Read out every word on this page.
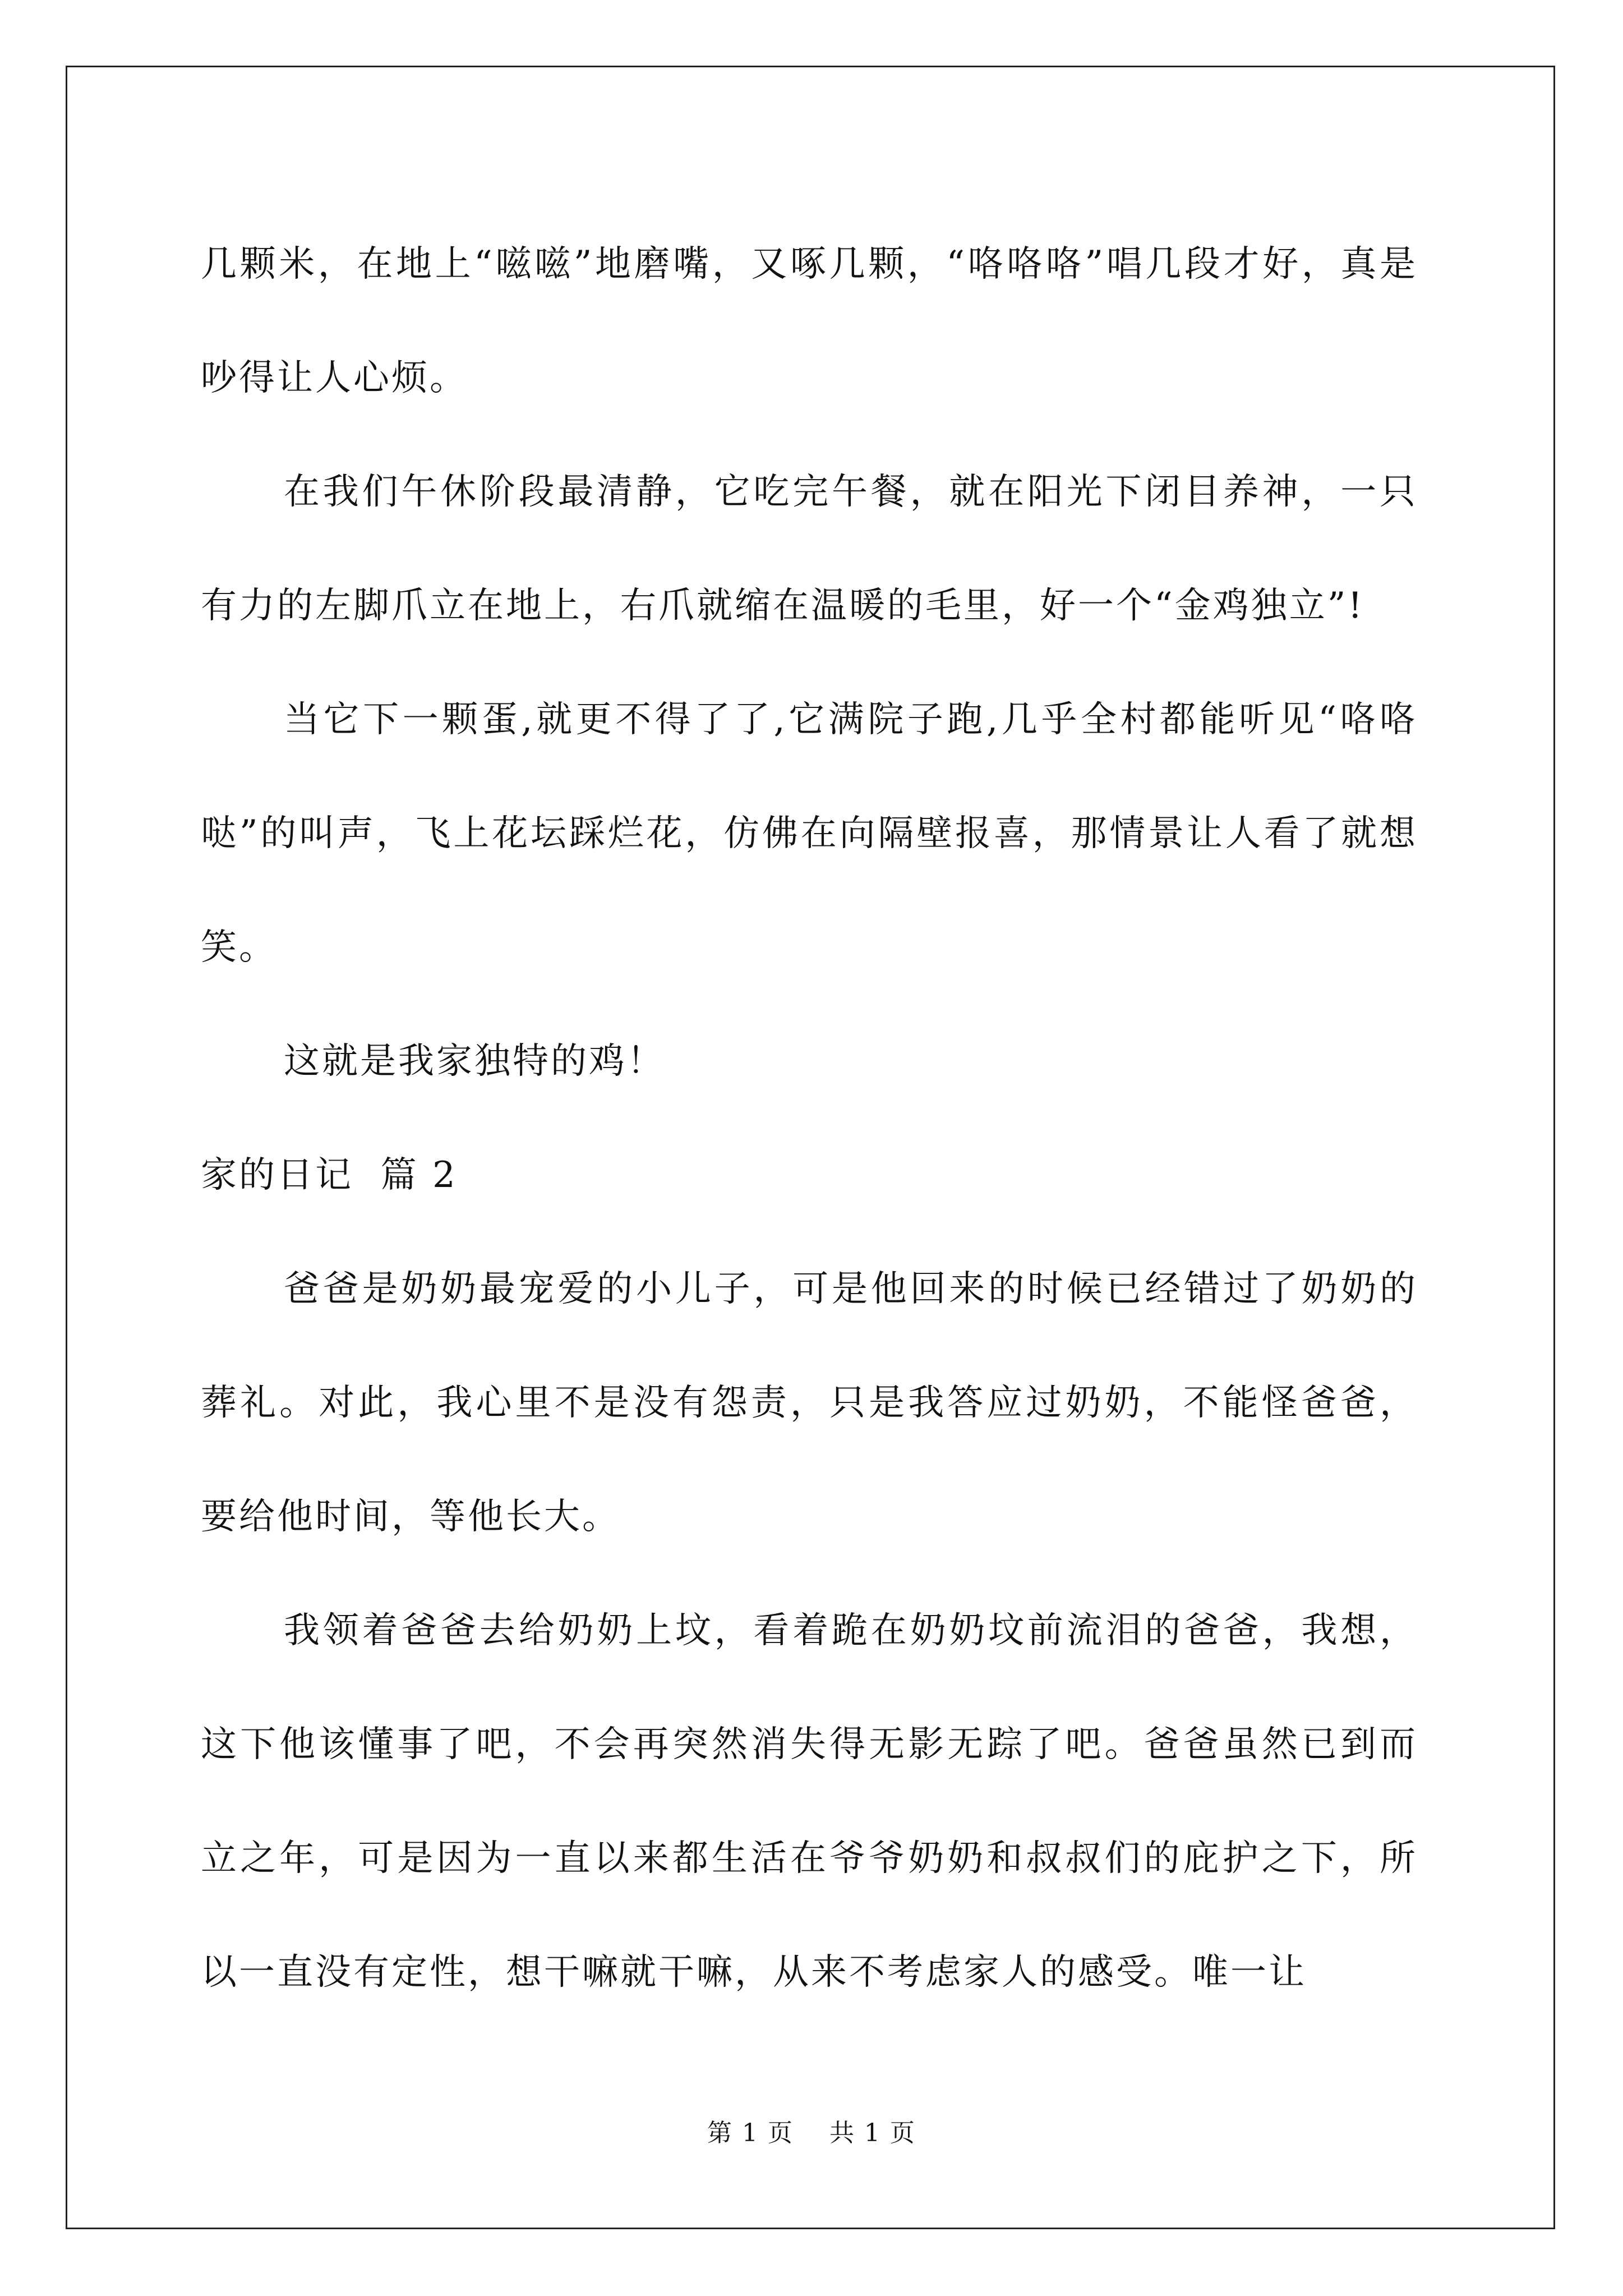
几颗米，在地上“嗞嗞”地磨嘴，又啄几颗，“咯咯咯”唱几段才好，真是吵得让人心烦。

在我们午休阶段最清静，它吃完午餐，就在阳光下闭目养神，一只有力的左脚爪立在地上，右爪就缩在温暖的毛里，好一个“金鸡独立”!

当它下一颗蛋,就更不得了了,它满院子跑,几乎全村都能听见“咯咯哒”的叫声，飞上花坛踩烂花，仿佛在向隔壁报喜，那情景让人看了就想笑。

这就是我家独特的鸡！

家的日记  篇 2

爸爸是奶奶最宠爱的小儿子，可是他回来的时候已经错过了奶奶的葬礼。对此，我心里不是没有怨责，只是我答应过奶奶，不能怪爸爸，要给他时间，等他长大。

我领着爸爸去给奶奶上坟，看着跪在奶奶坟前流泪的爸爸，我想，这下他该懂事了吧，不会再突然消失得无影无踪了吧。爸爸虽然已到而立之年，可是因为一直以来都生活在爷爷奶奶和叔叔们的庇护之下，所以一直没有定性，想干嘛就干嘛，从来不考虑家人的感受。唯一让

第 1 页    共 1 页
